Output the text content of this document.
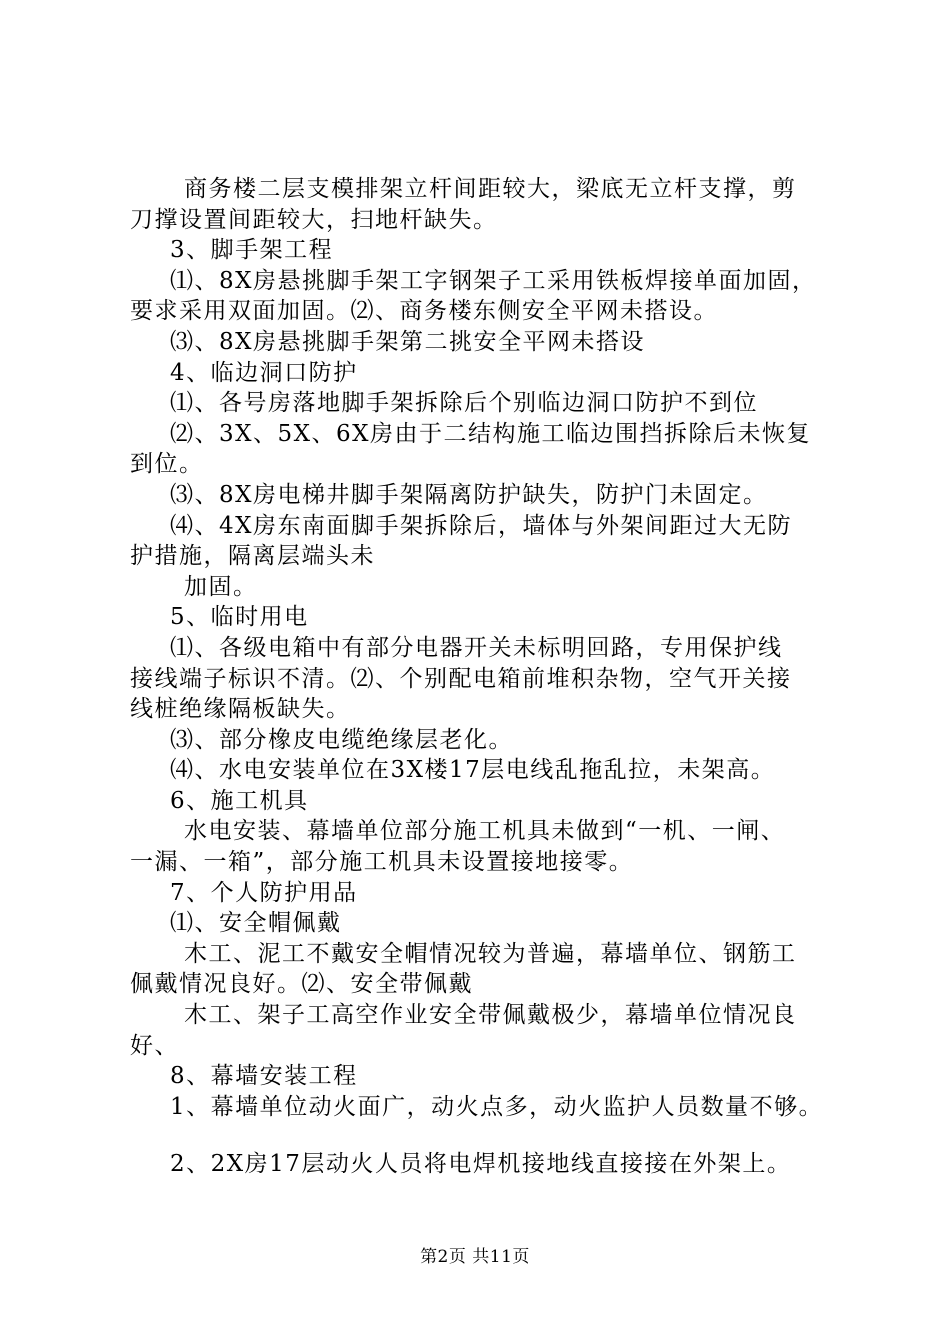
商务楼二层支模排架立杆间距较大，梁底无立杆支撑，剪
刀撑设置间距较大，扫地杆缺失。
3、脚手架工程
⑴、8X房悬挑脚手架工字钢架子工采用铁板焊接单面加固，
要求采用双面加固。⑵、商务楼东侧安全平网未搭设。
⑶、8X房悬挑脚手架第二挑安全平网未搭设
4、临边洞口防护
⑴、各号房落地脚手架拆除后个别临边洞口防护不到位
⑵、3X、5X、6X房由于二结构施工临边围挡拆除后未恢复
到位。
⑶、8X房电梯井脚手架隔离防护缺失，防护门未固定。
⑷、4X房东南面脚手架拆除后，墙体与外架间距过大无防
护措施，隔离层端头未
加固。
5、临时用电
⑴、各级电箱中有部分电器开关未标明回路，专用保护线
接线端子标识不清。⑵、个别配电箱前堆积杂物，空气开关接
线桩绝缘隔板缺失。
⑶、部分橡皮电缆绝缘层老化。
⑷、水电安装单位在3X楼17层电线乱拖乱拉，未架高。
6、施工机具
水电安装、幕墙单位部分施工机具未做到“一机、一闸、
一漏、一箱”，部分施工机具未设置接地接零。
7、个人防护用品
⑴、安全帽佩戴
木工、泥工不戴安全帽情况较为普遍，幕墙单位、钢筋工
佩戴情况良好。⑵、安全带佩戴
木工、架子工高空作业安全带佩戴极少，幕墙单位情况良
好、
8、幕墙安装工程
1、幕墙单位动火面广，动火点多，动火监护人员数量不够。
2、2X房17层动火人员将电焊机接地线直接接在外架上。
第2页 共11页
